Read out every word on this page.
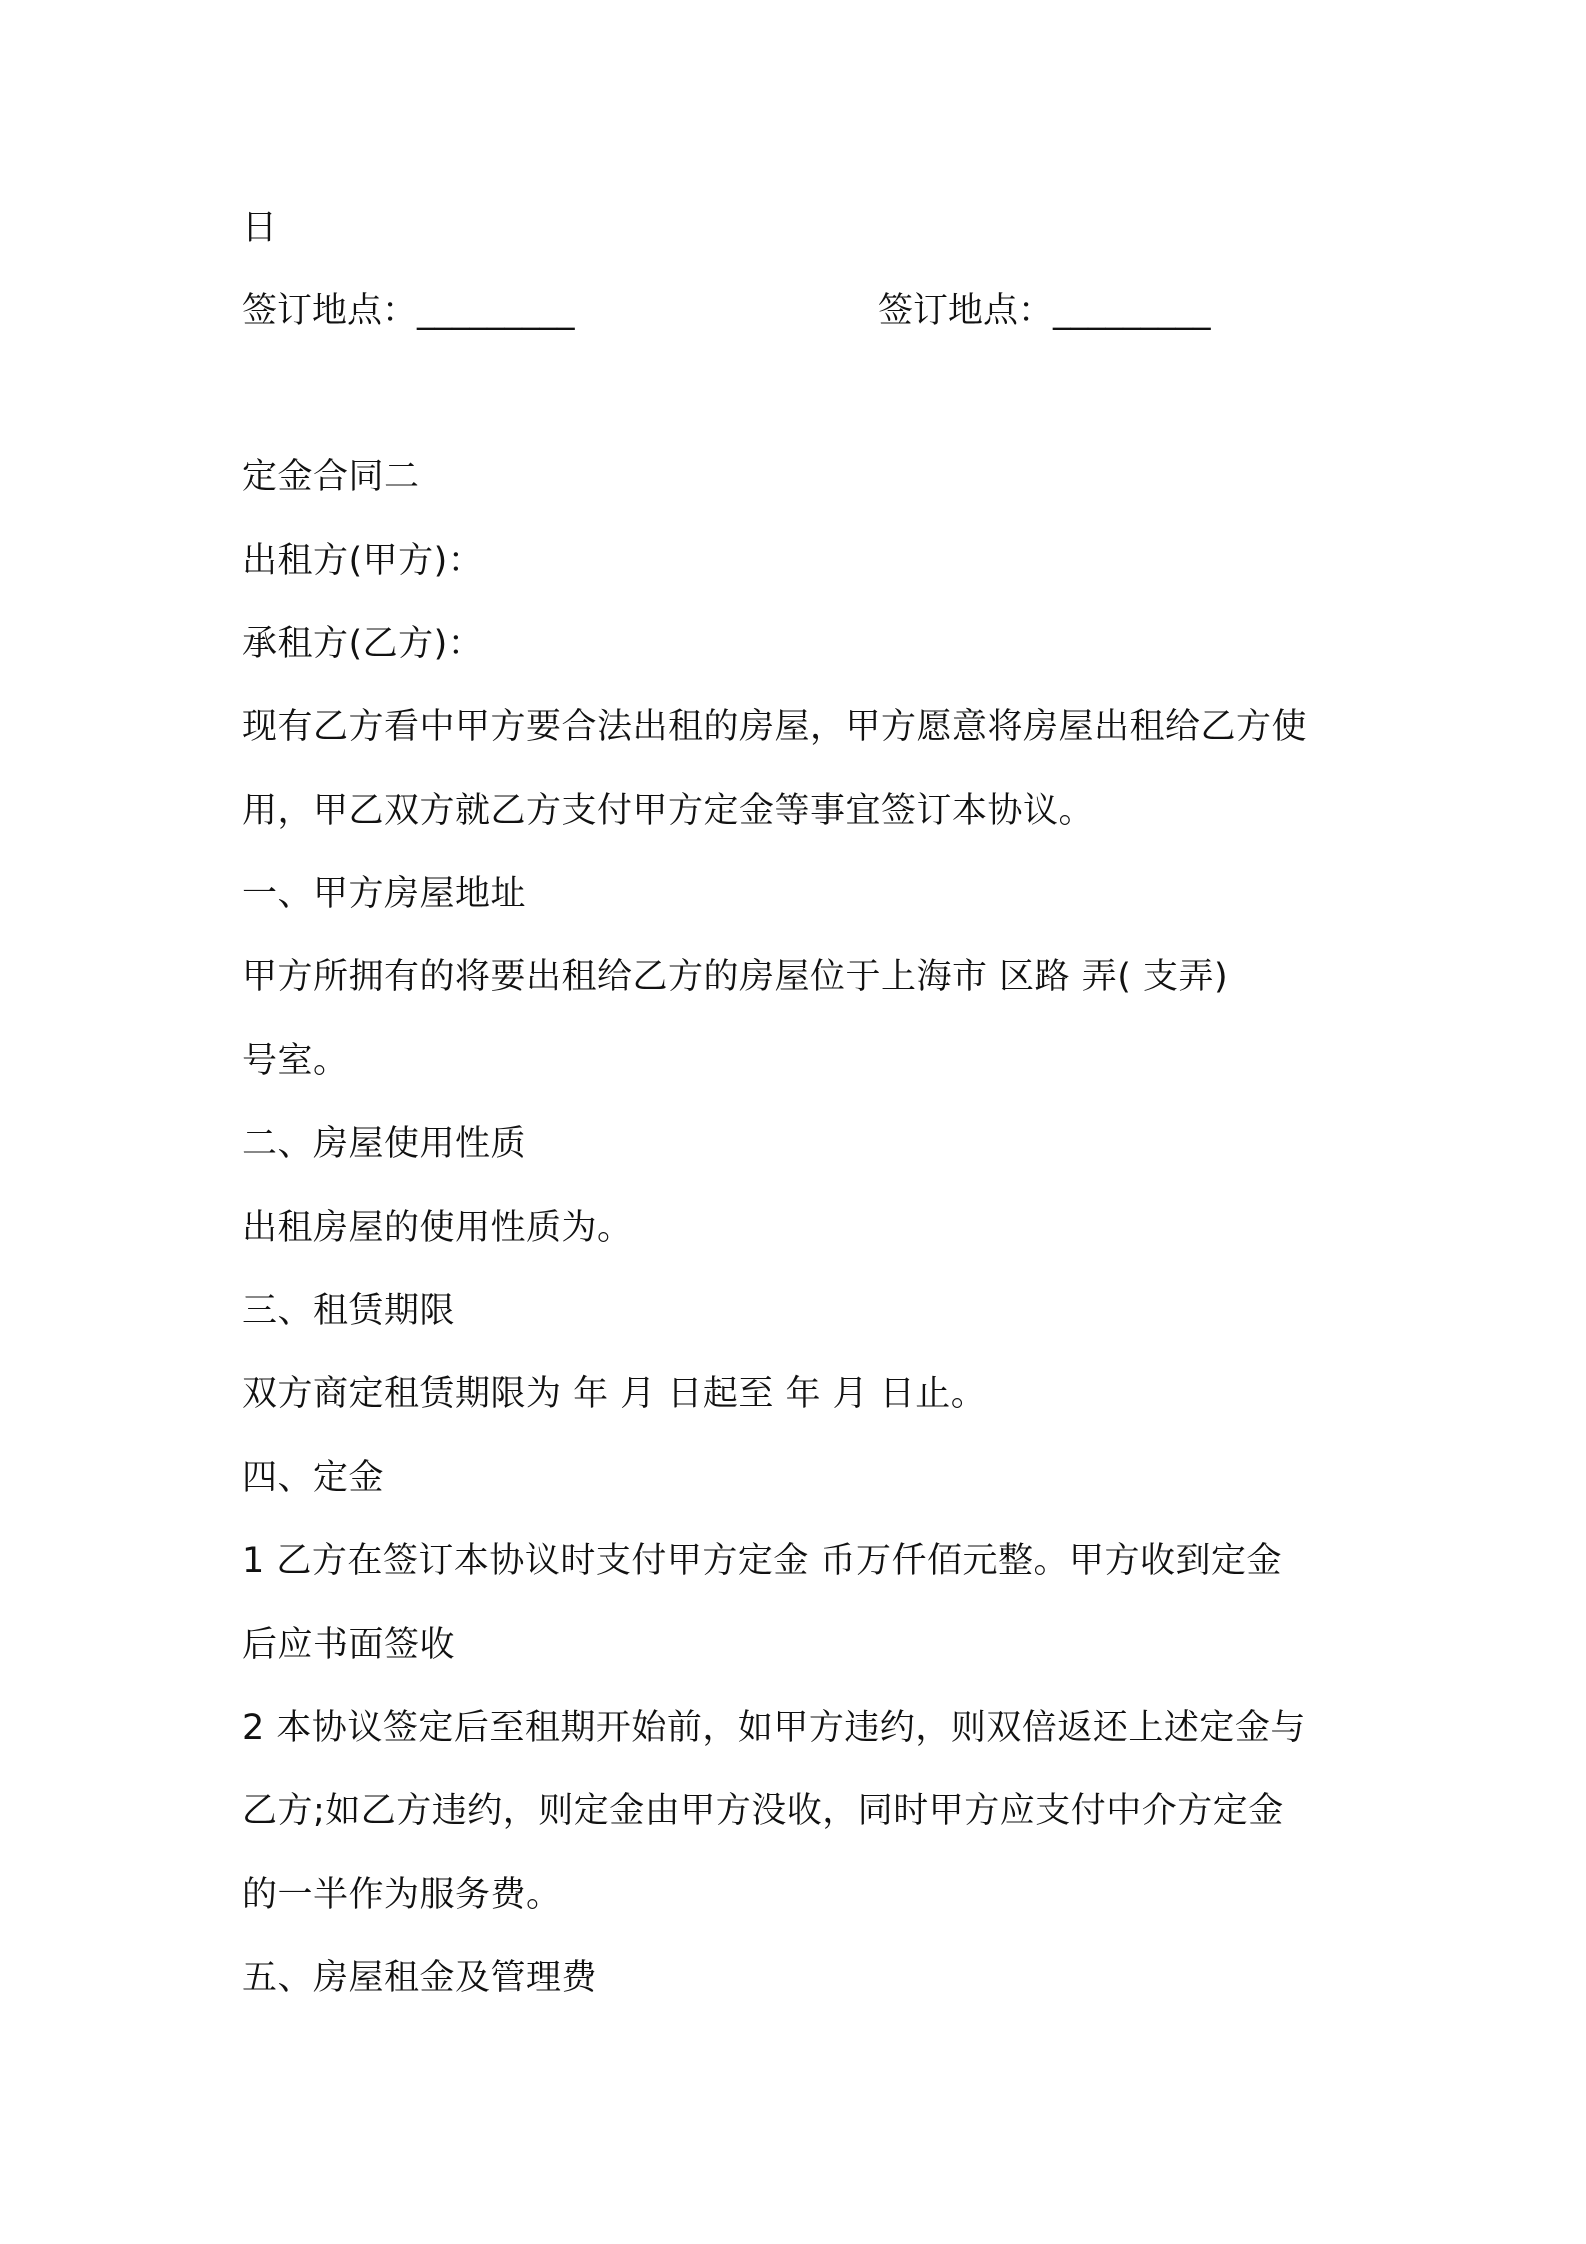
日
签订地点：_________	签订地点：_________
定金合同二
出租方(甲方)：
承租方(乙方)：
现有乙方看中甲方要合法出租的房屋，甲方愿意将房屋出租给乙方使
用，甲乙双方就乙方支付甲方定金等事宜签订本协议。
一、甲方房屋地址
甲方所拥有的将要出租给乙方的房屋位于上海市 区路 弄( 支弄)
号室。
二、房屋使用性质
出租房屋的使用性质为。
三、租赁期限
双方商定租赁期限为 年 月 日起至 年 月 日止。
四、定金
1 乙方在签订本协议时支付甲方定金 币万仟佰元整。甲方收到定金
后应书面签收
2 本协议签定后至租期开始前，如甲方违约，则双倍返还上述定金与
乙方;如乙方违约，则定金由甲方没收，同时甲方应支付中介方定金
的一半作为服务费。
五、房屋租金及管理费
